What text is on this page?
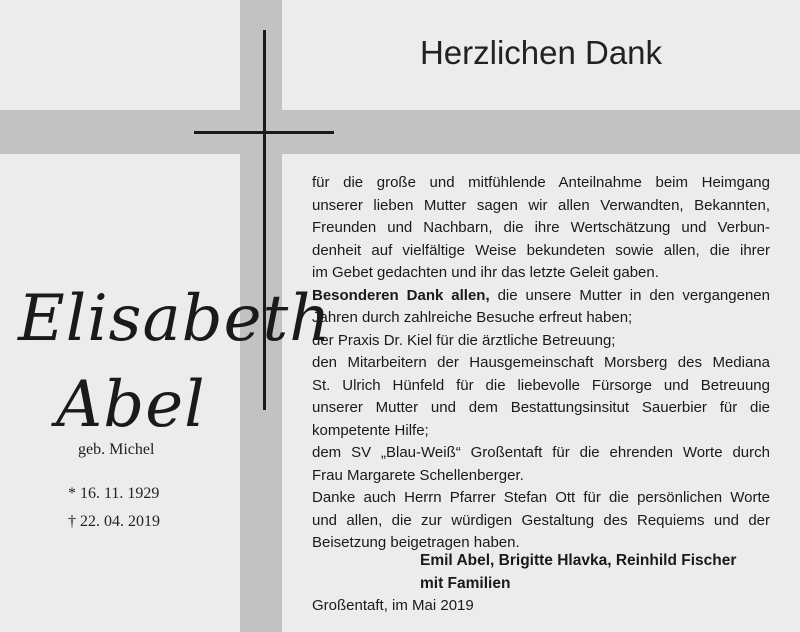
Herzlichen Dank
Elisabeth
Abel
geb. Michel
* 16. 11. 1929
† 22. 04. 2019
für die große und mitfühlende Anteilnahme beim Heimgang
unserer lieben Mutter sagen wir allen Verwandten, Bekannten,
Freunden und Nachbarn, die ihre Wertschätzung und Verbun-
denheit auf vielfältige Weise bekundeten sowie allen, die ihrer
im Gebet gedachten und ihr das letzte Geleit gaben.
Besonderen Dank allen, die unsere Mutter in den vergangenen
Jahren durch zahlreiche Besuche erfreut haben;
der Praxis Dr. Kiel für die ärztliche Betreuung;
den Mitarbeitern der Hausgemeinschaft Morsberg des Mediana
St. Ulrich Hünfeld für die liebevolle Fürsorge und Betreuung
unserer Mutter und dem Bestattungsinsitut Sauerbier für die
kompetente Hilfe;
dem SV „Blau-Weiß“ Großentaft für die ehrenden Worte durch
Frau Margarete Schellenberger.
Danke auch Herrn Pfarrer Stefan Ott für die persönlichen Worte
und allen, die zur würdigen Gestaltung des Requiems und der
Beisetzung beigetragen haben.
Emil Abel, Brigitte Hlavka, Reinhild Fischer
mit Familien
Großentaft, im Mai 2019
